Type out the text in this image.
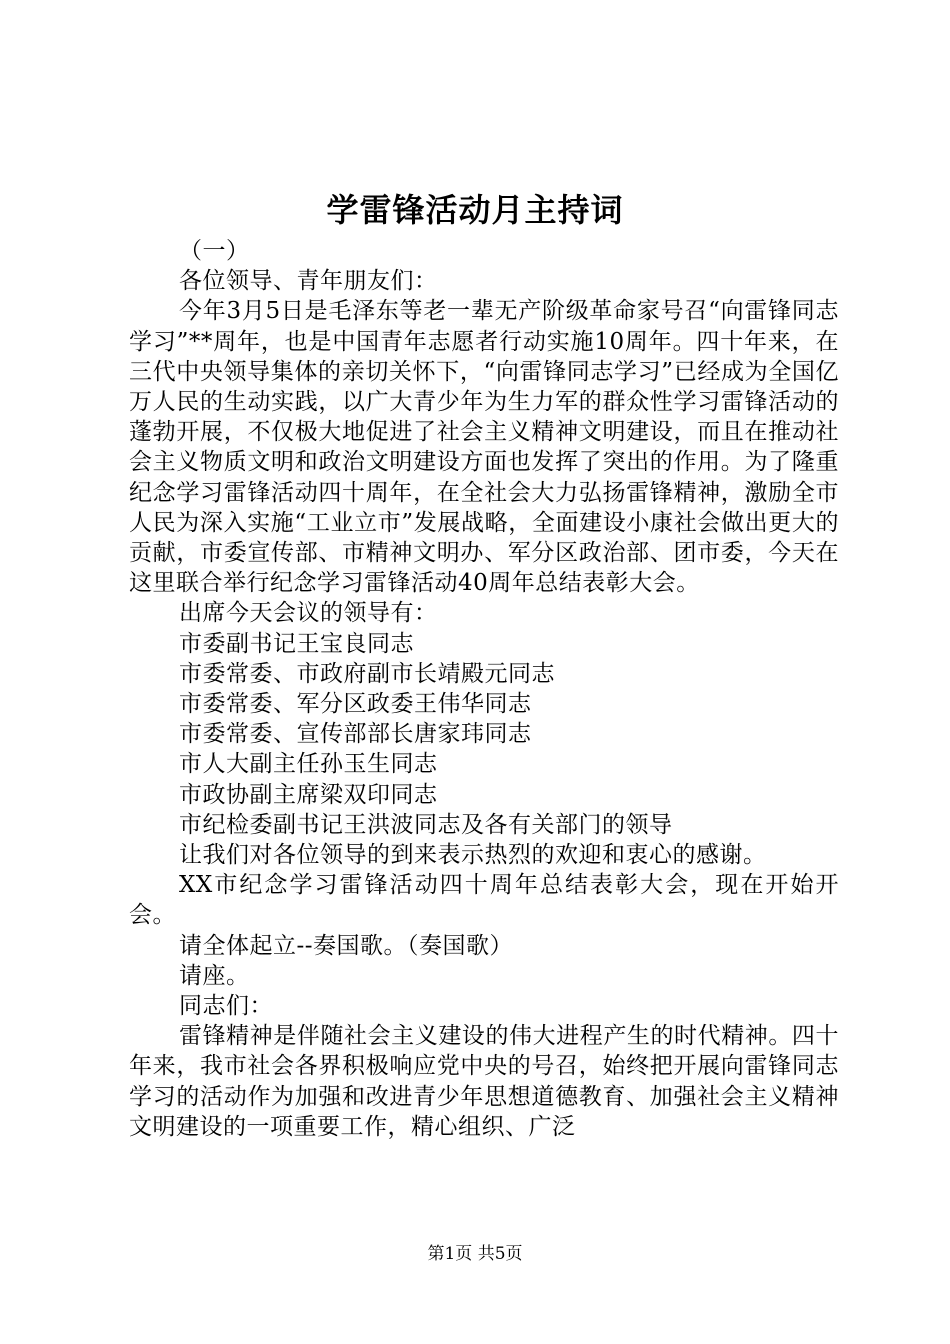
学雷锋活动月主持词

（一）

各位领导、青年朋友们：

今年3月5日是毛泽东等老一辈无产阶级革命家号召“向雷锋同志学习”**周年，也是中国青年志愿者行动实施10周年。四十年来，在三代中央领导集体的亲切关怀下，“向雷锋同志学习”已经成为全国亿万人民的生动实践，以广大青少年为生力军的群众性学习雷锋活动的蓬勃开展，不仅极大地促进了社会主义精神文明建设，而且在推动社会主义物质文明和政治文明建设方面也发挥了突出的作用。为了隆重纪念学习雷锋活动四十周年，在全社会大力弘扬雷锋精神，激励全市人民为深入实施“工业立市”发展战略，全面建设小康社会做出更大的贡献，市委宣传部、市精神文明办、军分区政治部、团市委，今天在这里联合举行纪念学习雷锋活动40周年总结表彰大会。

出席今天会议的领导有：

市委副书记王宝良同志

市委常委、市政府副市长靖殿元同志

市委常委、军分区政委王伟华同志

市委常委、宣传部部长唐家玮同志

市人大副主任孙玉生同志

市政协副主席梁双印同志

市纪检委副书记王洪波同志及各有关部门的领导

让我们对各位领导的到来表示热烈的欢迎和衷心的感谢。

XX市纪念学习雷锋活动四十周年总结表彰大会，现在开始开会。

请全体起立--奏国歌。（奏国歌）

请座。

同志们：

雷锋精神是伴随社会主义建设的伟大进程产生的时代精神。四十年来，我市社会各界积极响应党中央的号召，始终把开展向雷锋同志学习的活动作为加强和改进青少年思想道德教育、加强社会主义精神文明建设的一项重要工作，精心组织、广泛

第1页 共5页
